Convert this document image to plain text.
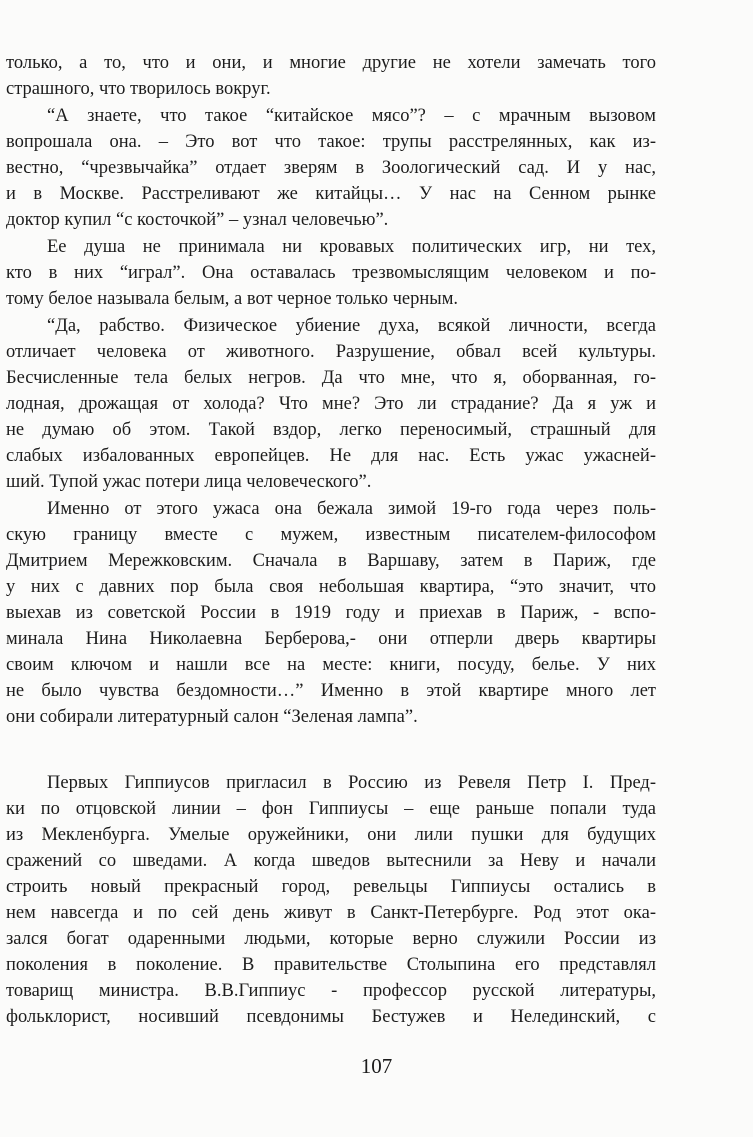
только, а то, что и они, и многие другие не хотели замечать того
страшного, что творилось вокруг.
“А знаете, что такое “китайское мясо”? – с мрачным вызовом
вопрошала она. – Это вот что такое: трупы расстрелянных, как из-
вестно, “чрезвычайка” отдает зверям в Зоологический сад. И у нас,
и в Москве. Расстреливают же китайцы… У нас на Сенном рынке
доктор купил “с косточкой” – узнал человечью”.
Ее душа не принимала ни кровавых политических игр, ни тех,
кто в них “играл”. Она оставалась трезвомыслящим человеком и по-
тому белое называла белым, а вот черное только черным.
“Да, рабство. Физическое убиение духа, всякой личности, всегда
отличает человека от животного. Разрушение, обвал всей культуры.
Бесчисленные тела белых негров. Да что мне, что я, оборванная, го-
лодная, дрожащая от холода? Что мне? Это ли страдание? Да я уж и
не думаю об этом. Такой вздор, легко переносимый, страшный для
слабых избалованных европейцев. Не для нас. Есть ужас ужасней-
ший. Тупой ужас потери лица человеческого”.
Именно от этого ужаса она бежала зимой 19-го года через поль-
скую границу вместе с мужем, известным писателем-философом
Дмитрием Мережковским. Сначала в Варшаву, затем в Париж, где
у них с давних пор была своя небольшая квартира, “это значит, что
выехав из советской России в 1919 году и приехав в Париж, - вспо-
минала Нина Николаевна Берберова,- они отперли дверь квартиры
своим ключом и нашли все на месте: книги, посуду, белье. У них
не было чувства бездомности…” Именно в этой квартире много лет
они собирали литературный салон “Зеленая лампа”.
Первых Гиппиусов пригласил в Россию из Ревеля Петр I. Пред-
ки по отцовской линии – фон Гиппиусы – еще раньше попали туда
из Мекленбурга. Умелые оружейники, они лили пушки для будущих
сражений со шведами. А когда шведов вытеснили за Неву и начали
строить новый прекрасный город, ревельцы Гиппиусы остались в
нем навсегда и по сей день живут в Санкт-Петербурге. Род этот ока-
зался богат одаренными людьми, которые верно служили России из
поколения в поколение. В правительстве Столыпина его представлял
товарищ министра. В.В.Гиппиус - профессор русской литературы,
фольклорист, носивший псевдонимы Бестужев и Нелединский, с
107
